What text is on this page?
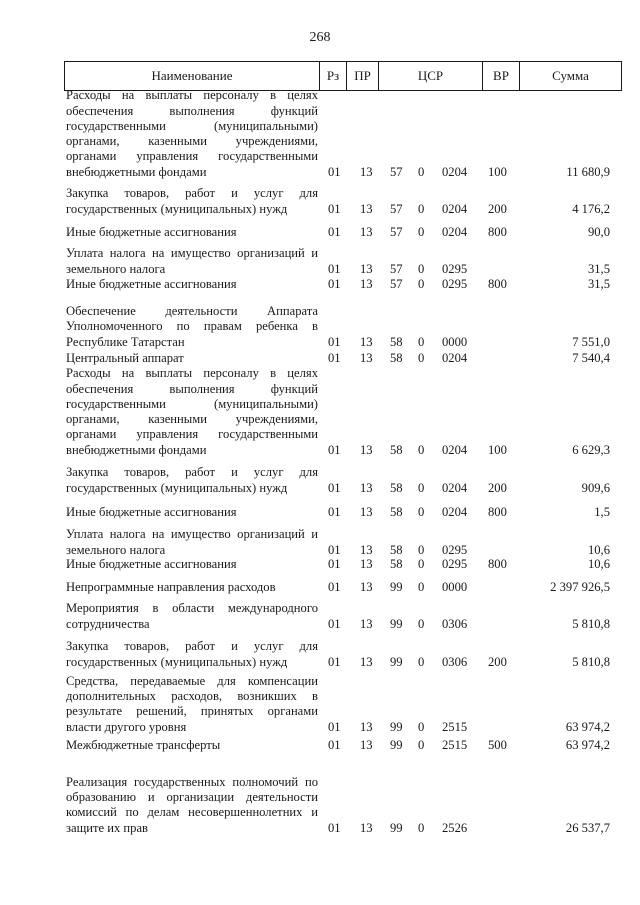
268
Наименование	Рз	ПР	ЦСР	ВР	Сумма
Расходы на выплаты персоналу в целях обеспечения выполнения функций государственными (муниципальными) органами, казенными учреждениями, органами управления государственными внебюджетными фондами	01 13 57 0 0204 100	11 680,9
Закупка товаров, работ и услуг для государственных (муниципальных) нужд	01 13 57 0 0204 200	4 176,2
Иные бюджетные ассигнования	01 13 57 0 0204 800	90,0
Уплата налога на имущество организаций и земельного налога	01 13 57 0 0295	31,5
Иные бюджетные ассигнования	01 13 57 0 0295 800	31,5
Обеспечение деятельности Аппарата Уполномоченного по правам ребенка в Республике Татарстан	01 13 58 0 0000	7 551,0
Центральный аппарат	01 13 58 0 0204	7 540,4
Расходы на выплаты персоналу в целях обеспечения выполнения функций государственными (муниципальными) органами, казенными учреждениями, органами управления государственными внебюджетными фондами	01 13 58 0 0204 100	6 629,3
Закупка товаров, работ и услуг для государственных (муниципальных) нужд	01 13 58 0 0204 200	909,6
Иные бюджетные ассигнования	01 13 58 0 0204 800	1,5
Уплата налога на имущество организаций и земельного налога	01 13 58 0 0295	10,6
Иные бюджетные ассигнования	01 13 58 0 0295 800	10,6
Непрограммные направления расходов	01 13 99 0 0000	2 397 926,5
Мероприятия в области международного сотрудничества	01 13 99 0 0306	5 810,8
Закупка товаров, работ и услуг для государственных (муниципальных) нужд	01 13 99 0 0306 200	5 810,8
Средства, передаваемые для компенсации дополнительных расходов, возникших в результате решений, принятых органами власти другого уровня	01 13 99 0 2515	63 974,2
Межбюджетные трансферты	01 13 99 0 2515 500	63 974,2
Реализация государственных полномочий по образованию и организации деятельности комиссий по делам несовершеннолетних и защите их прав	01 13 99 0 2526	26 537,7
